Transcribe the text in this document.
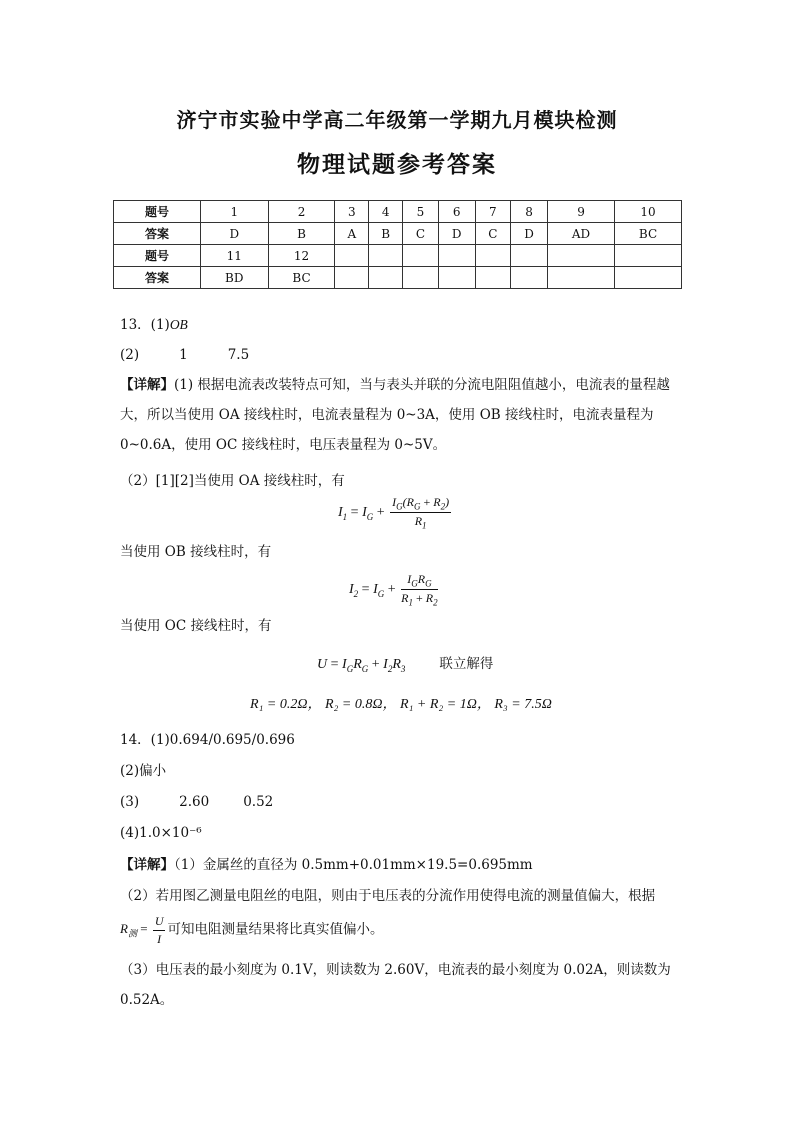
济宁市实验中学高二年级第一学期九月模块检测
物理试题参考答案
题号	1	2	3	4	5	6	7	8	9	10
答案	D	B	A	B	C	D	C	D	AD	BC
题号	11	12								
答案	BD	BC								
13．(1)OB
(2)	1	7.5
【详解】(1) 根据电流表改装特点可知，当与表头并联的分流电阻阻值越小，电流表的量程越大，所以当使用 OA 接线柱时，电流表量程为 0~3A，使用 OB 接线柱时，电流表量程为 0~0.6A，使用 OC 接线柱时，电压表量程为 0~5V。
（2）[1][2]当使用 OA 接线柱时，有
$I_1 = I_G + \frac{I_G(R_G + R_2)}{R_1}$
当使用 OB 接线柱时，有
$I_2 = I_G + \frac{I_GR_G}{R_1 + R_2}$
当使用 OC 接线柱时，有
$U = I_GR_G + I_2R_3$	联立解得
R₁ = 0.2Ω， R₂ = 0.8Ω， R₁ + R₂ = 1Ω， R₃ = 7.5Ω
14．(1)0.694/0.695/0.696
(2)偏小
(3)	2.60	0.52
(4)1.0×10⁻⁶
【详解】（1）金属丝的直径为 0.5mm+0.01mm×19.5=0.695mm
（2）若用图乙测量电阻丝的电阻，则由于电压表的分流作用使得电流的测量值偏大，根据
$R_测 = \frac{U}{I}$ 可知电阻测量结果将比真实值偏小。
（3）电压表的最小刻度为 0.1V，则读数为 2.60V，电流表的最小刻度为 0.02A，则读数为 0.52A。
